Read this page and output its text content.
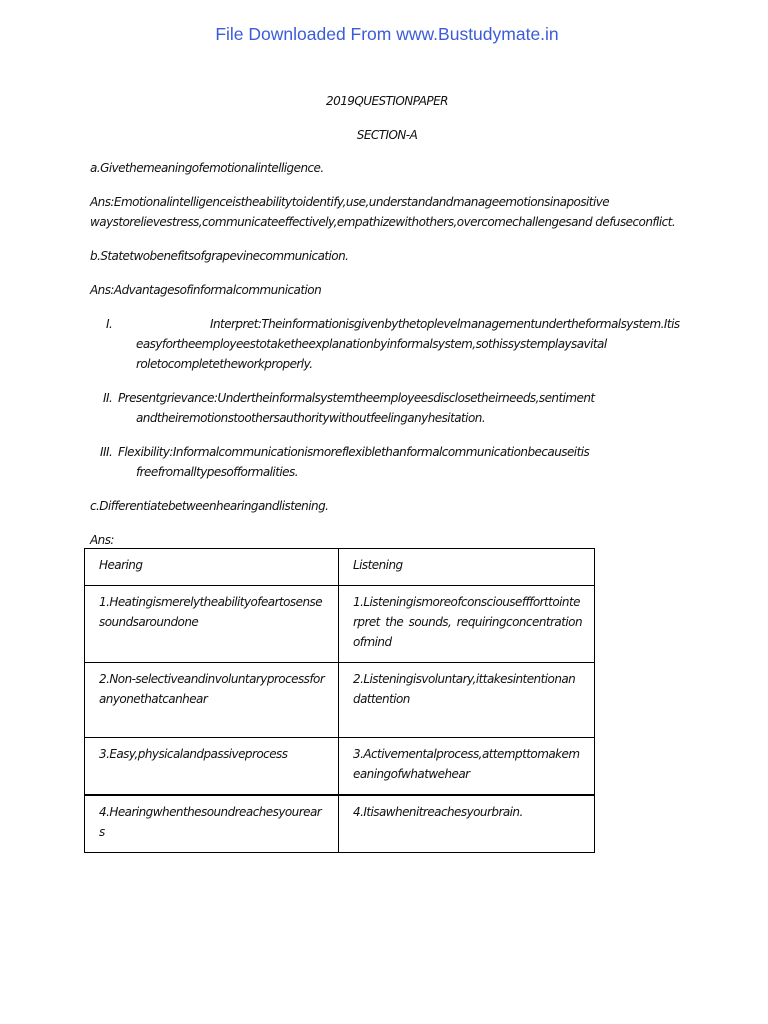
File Downloaded From www.Bustudymate.in
2019QUESTIONPAPER
SECTION-A
a.Givethemeaningofemotionalintelligence.
Ans:Emotionalintelligenceistheabilitytoidentify,use,understandandmanageemotionsinapositive
waystorelievestress,communicateeffectively,empathizewithothers,overcomechallengesand defuseconflict.
b.Statetwobenefitsofgrapevinecommunication.
Ans:Advantagesofinformalcommunication
I.	Interpret:Theinformationisgivenbythetoplevelmanagementundertheformalsystem.Itis
easyfortheemployeestotaketheexplanationbyinformalsystem,sothissystemplaysavital
roletocompletetheworkproperly.
II. Presentgrievance:Undertheinformalsystemtheemployeesdisclosetheirneeds,sentiment
andtheiremotionstoothersauthoritywithoutfeelinganyhesitation.
III. Flexibility:Informalcommunicationismoreflexiblethanformalcommunicationbecauseitis
freefromalltypesofformalities.
c.Differentiatebetweenhearingandlistening.
Ans:
Hearing	Listening
1.Heatingismerelytheabilityofeartosensesoundsaroundone	1.Listeningismoreofconsciouseffforttointerpret the sounds, requiringconcentrationofmind
2.Non-selectiveandinvoluntaryprocessforanyonethatcanhear	2.Listeningisvoluntary,ittakesintentionandattention
3.Easy,physicalandpassiveprocess	3.Activementalprocess,attempttomakemeaningofwhatwehear
4.Hearingwhenthesoundreachesyourears	4.Itisawhenitreachesyourbrain.
